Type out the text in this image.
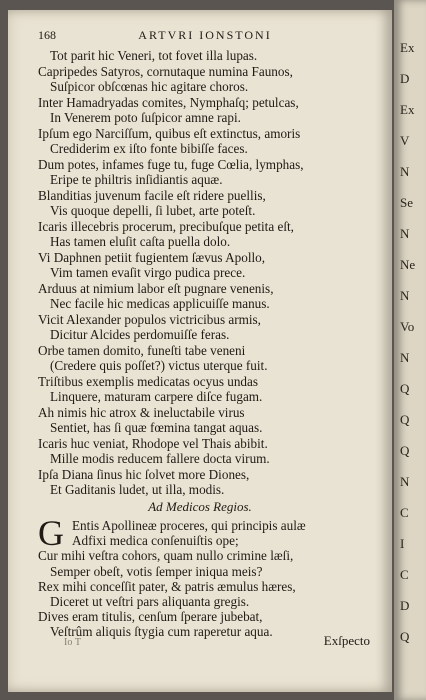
168	ARTVRI IONSTONI
Tot parit hic Veneri, tot fovet illa lupas.
Capripedes Satyros, cornutaque numina Faunos,
Suſpicor obſcœnas hic agitare choros.
Inter Hamadryadas comites, Nymphaſq; petulcas,
In Venerem poto ſuſpicor amne rapi.
Ipſum ego Narciſſum, quibus eſt extinctus, amoris
Crediderim ex iſto fonte bibiſſe faces.
Dum potes, infames fuge tu, fuge Cœlia, lymphas,
Eripe te philtris inſidiantis aquæ.
Blanditias juvenum facile eſt ridere puellis,
Vis quoque depelli, ſi lubet, arte poteſt.
Icaris illecebris procerum, precibuſque petita eſt,
Has tamen eluſit caſta puella dolo.
Vi Daphnen petiit fugientem ſævus Apollo,
Vim tamen evaſit virgo pudica prece.
Arduus at nimium labor eſt pugnare venenis,
Nec facile hic medicas applicuiſſe manus.
Vicit Alexander populos victricibus armis,
Dicitur Alcides perdomuiſſe feras.
Orbe tamen domito, funeſti tabe veneni
(Credere quis poſſet?) victus uterque fuit.
Triſtibus exemplis medicatas ocyus undas
Linquere, maturam carpere diſce fugam.
Ah nimis hic atrox & ineluctabile virus
Sentiet, has ſi quæ fœmina tangat aquas.
Icaris huc veniat, Rhodope vel Thais abibit.
Mille modis reducem fallere docta virum.
Ipſa Diana ſinus hic ſolvet more Diones,
Et Gaditanis ludet, ut illa, modis.
Ad Medicos Regios.
G Entis Apollineæ proceres, qui principis aulæ
Adfixi medica conſenuiſtis ope;
Cur mihi veſtra cohors, quam nullo crimine læſi,
Semper obeſt, votis ſemper iniqua meis?
Rex mihi conceſſit pater, & patris æmulus hæres,
Diceret ut veſtri pars aliquanta gregis.
Dives eram titulis, cenſum ſperare jubebat,
Veſtrûm aliquis ſtygia cum raperetur aqua.
Iο T	Exſpecto
Ex
D
Ex
V
N
Se
N
Ne
N
Vo
N
Q
Q
Q
N
C
I
C
D
Q
